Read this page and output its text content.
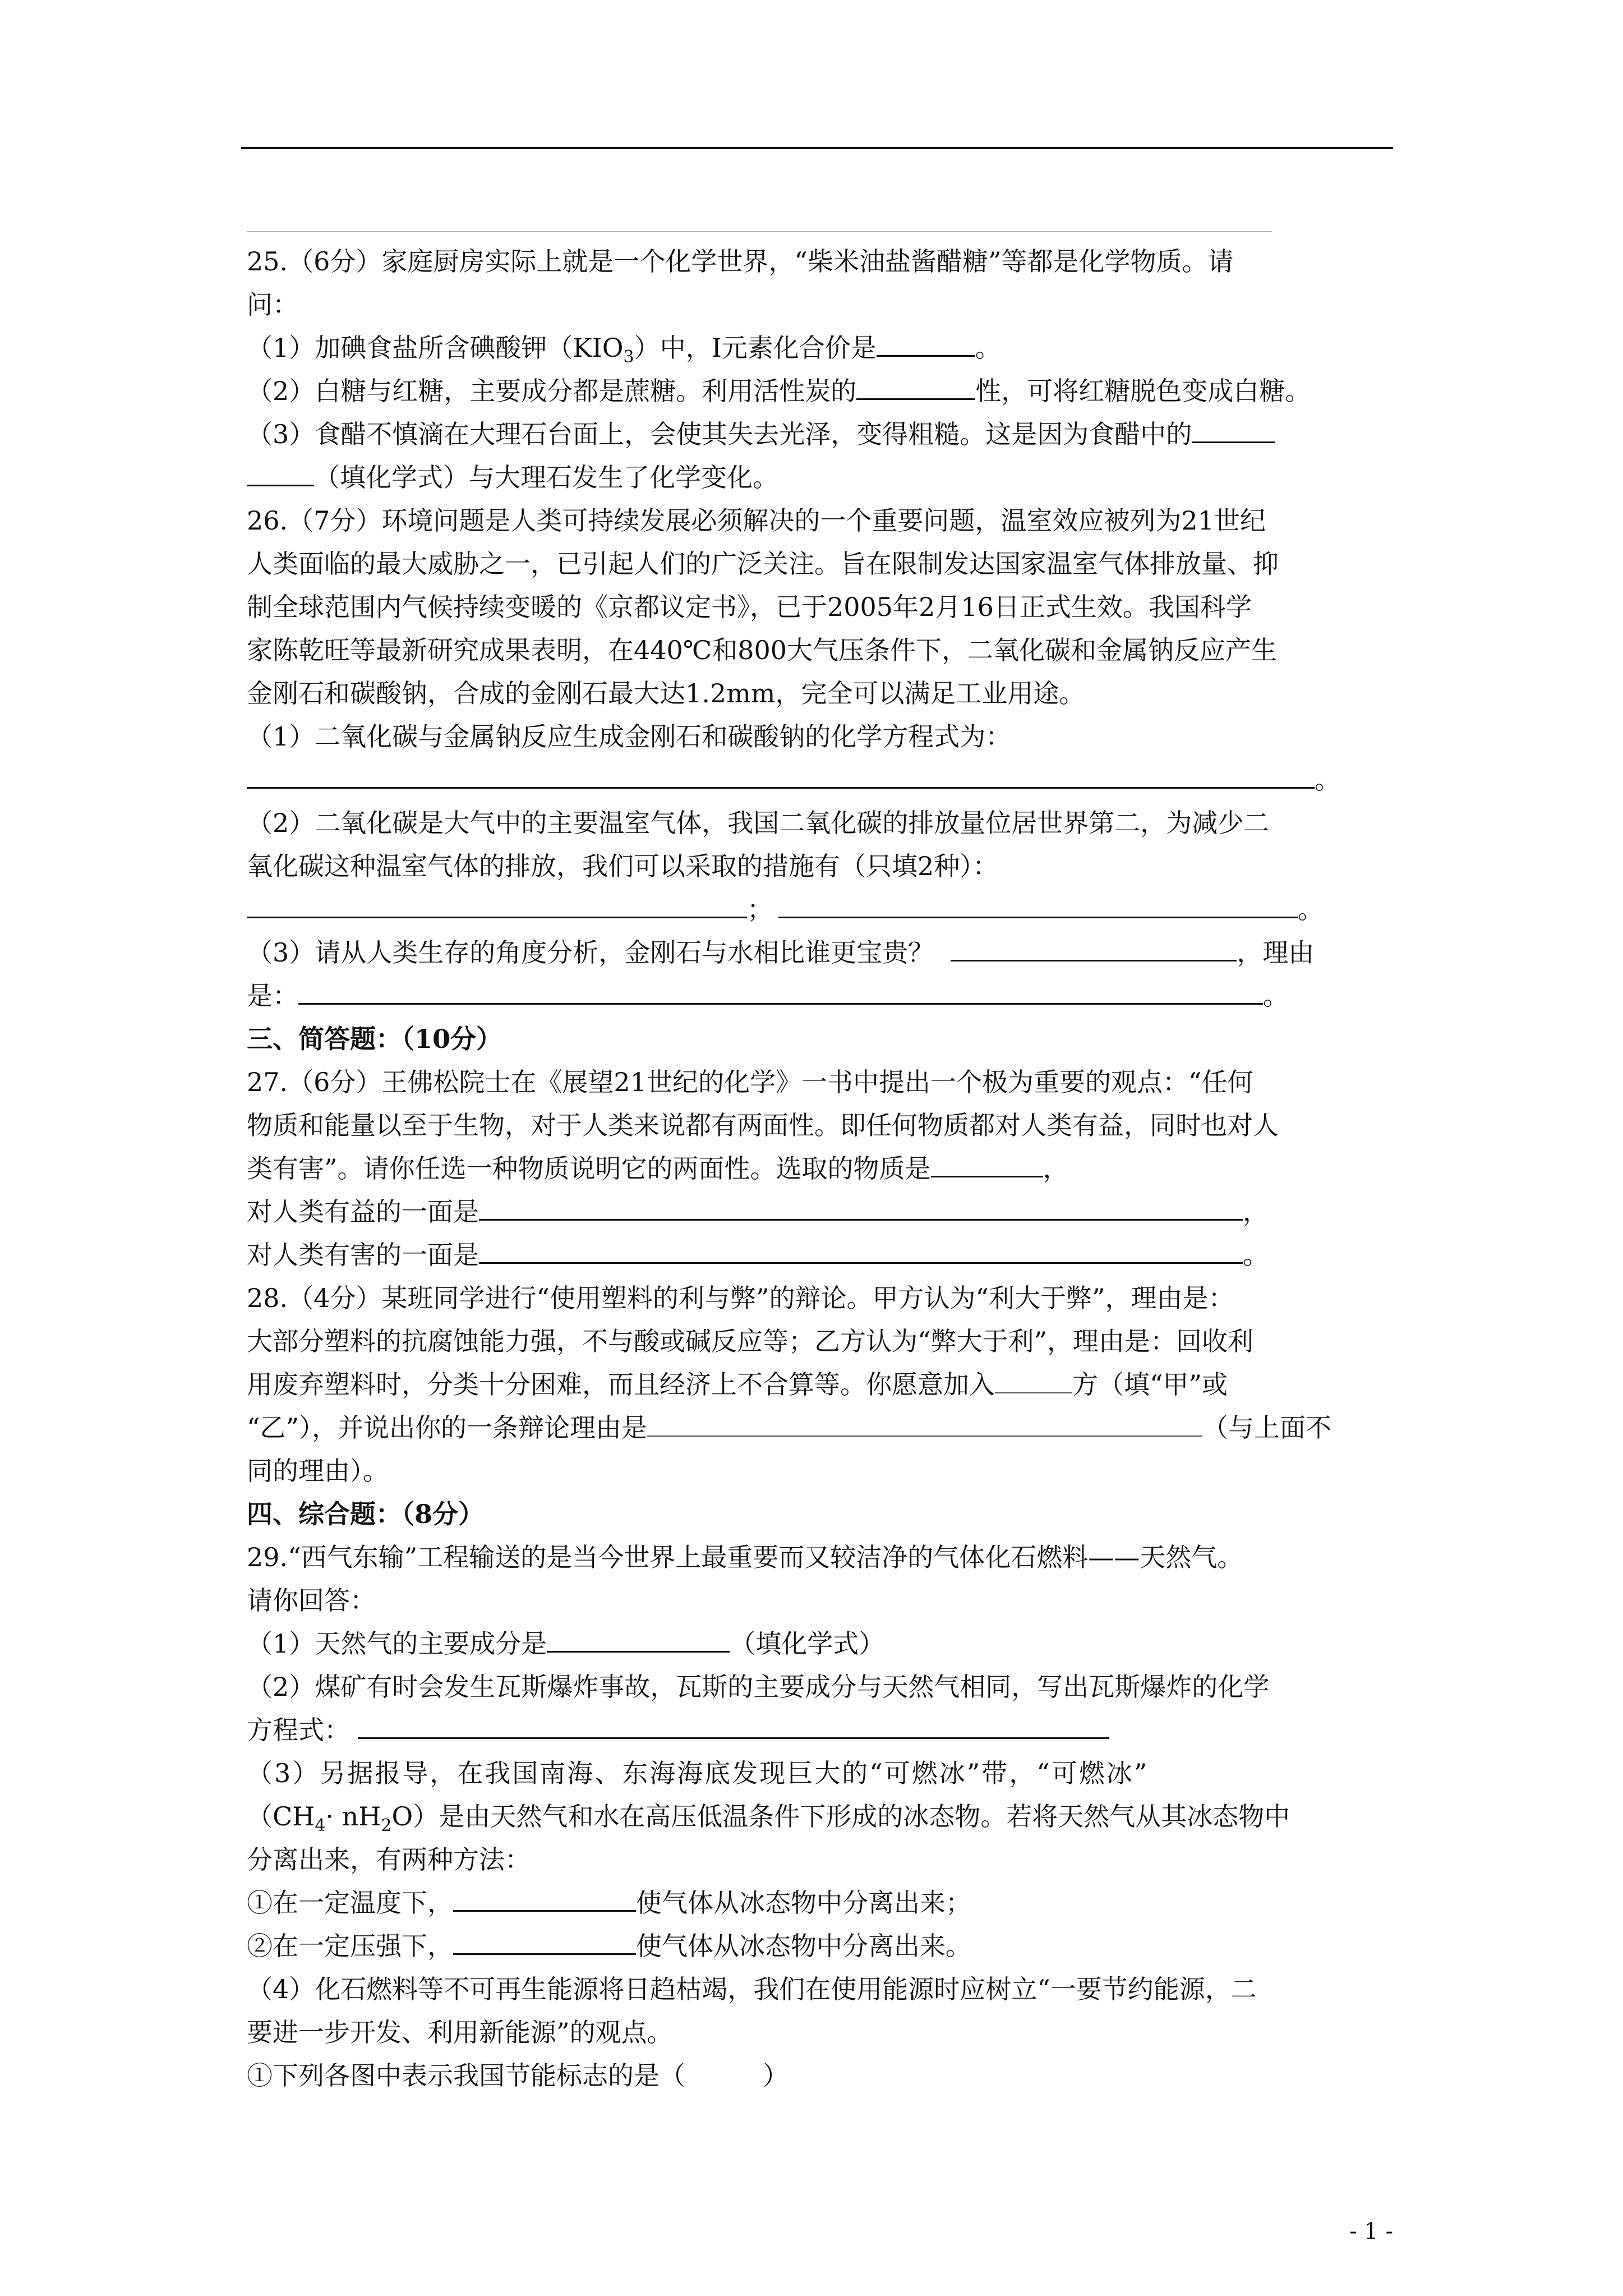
25.（6分）家庭厨房实际上就是一个化学世界，“柴米油盐酱醋糖”等都是化学物质。请
问：
（1）加碘食盐所含碘酸钾$(KIO_3)$中，I元素化合价是	。
（2）白糖与红糖，主要成分都是蔗糖。利用活性炭的	性，可将红糖脱色变成白糖。
（3）食醋不慎滴在大理石台面上，会使其失去光泽，变得粗糙。这是因为食醋中的
（填化学式）与大理石发生了化学变化。
26.（7分）环境问题是人类可持续发展必须解决的一个重要问题，温室效应被列为21世纪
人类面临的最大威胁之一，已引起人们的广泛关注。旨在限制发达国家温室气体排放量、抑
制全球范围内气候持续变暖的《京都议定书》，已于2005年2月16日正式生效。我国科学
家陈乾旺等最新研究成果表明，在440℃和800大气压条件下，二氧化碳和金属钠反应产生
金刚石和碳酸钠，合成的金刚石最大达1.2mm，完全可以满足工业用途。
（1）二氧化碳与金属钠反应生成金刚石和碳酸钠的化学方程式为：
。
（2）二氧化碳是大气中的主要温室气体，我国二氧化碳的排放量位居世界第二，为减少二
氧化碳这种温室气体的排放，我们可以采取的措施有（只填2种）：
；	。
（3）请从人类生存的角度分析，金刚石与水相比谁更宝贵？	，理由
是：	。
三、简答题：（10分）
27.（6分）王佛松院士在《展望21世纪的化学》一书中提出一个极为重要的观点：“任何
物质和能量以至于生物，对于人类来说都有两面性。即任何物质都对人类有益，同时也对人
类有害”。请你任选一种物质说明它的两面性。选取的物质是	，
对人类有益的一面是	，
对人类有害的一面是	。
28.（4分）某班同学进行“使用塑料的利与弊”的辩论。甲方认为“利大于弊”，理由是：
大部分塑料的抗腐蚀能力强，不与酸或碱反应等；乙方认为“弊大于利”，理由是：回收利
用废弃塑料时，分类十分困难，而且经济上不合算等。你愿意加入	方（填“甲”或
“乙”），并说出你的一条辩论理由是	（与上面不
同的理由）。
四、综合题：（8分）
29.“西气东输”工程输送的是当今世界上最重要而又较洁净的气体化石燃料——天然气。
请你回答：
（1）天然气的主要成分是	（填化学式）
（2）煤矿有时会发生瓦斯爆炸事故，瓦斯的主要成分与天然气相同，写出瓦斯爆炸的化学
方程式：
（3）另据报导，在我国南海、东海海底发现巨大的“可燃冰”带，“可燃冰”
$(CH_4\cdot nH_2O)$是由天然气和水在高压低温条件下形成的冰态物。若将天然气从其冰态物中
分离出来，有两种方法：
①在一定温度下，	使气体从冰态物中分离出来；
②在一定压强下，	使气体从冰态物中分离出来。
（4）化石燃料等不可再生能源将日趋枯竭，我们在使用能源时应树立“一要节约能源，二
要进一步开发、利用新能源”的观点。
①下列各图中表示我国节能标志的是（　　　）
- 1 -
